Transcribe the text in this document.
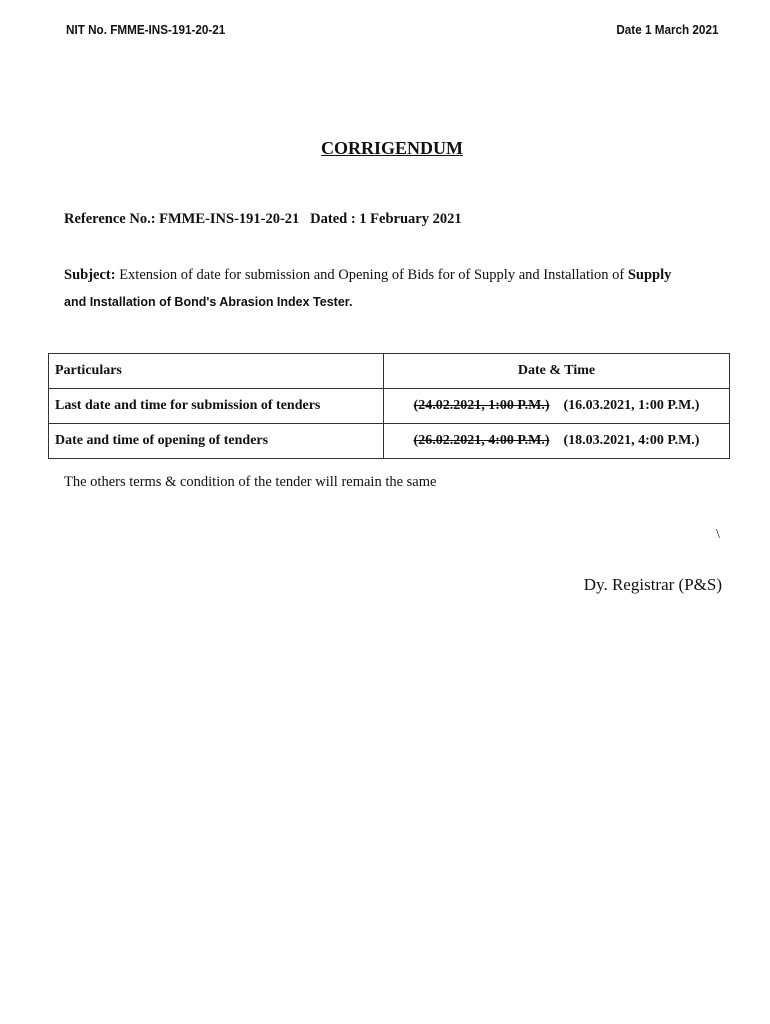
NIT No. FMME-INS-191-20-21	Date 1 March 2021
CORRIGENDUM
Reference No.: FMME-INS-191-20-21   Dated : 1 February 2021
Subject: Extension of date for submission and Opening of Bids for of Supply and Installation of Supply
and Installation of Bond's Abrasion Index Tester.
Particulars	Date & Time
Last date and time for submission of tenders	(24.02.2021, 1:00 P.M.) (16.03.2021, 1:00 P.M.)
Date and time of opening of tenders	(26.02.2021, 4:00 P.M.) (18.03.2021, 4:00 P.M.)
The others terms & condition of the tender will remain the same
\
Dy. Registrar (P&S)
